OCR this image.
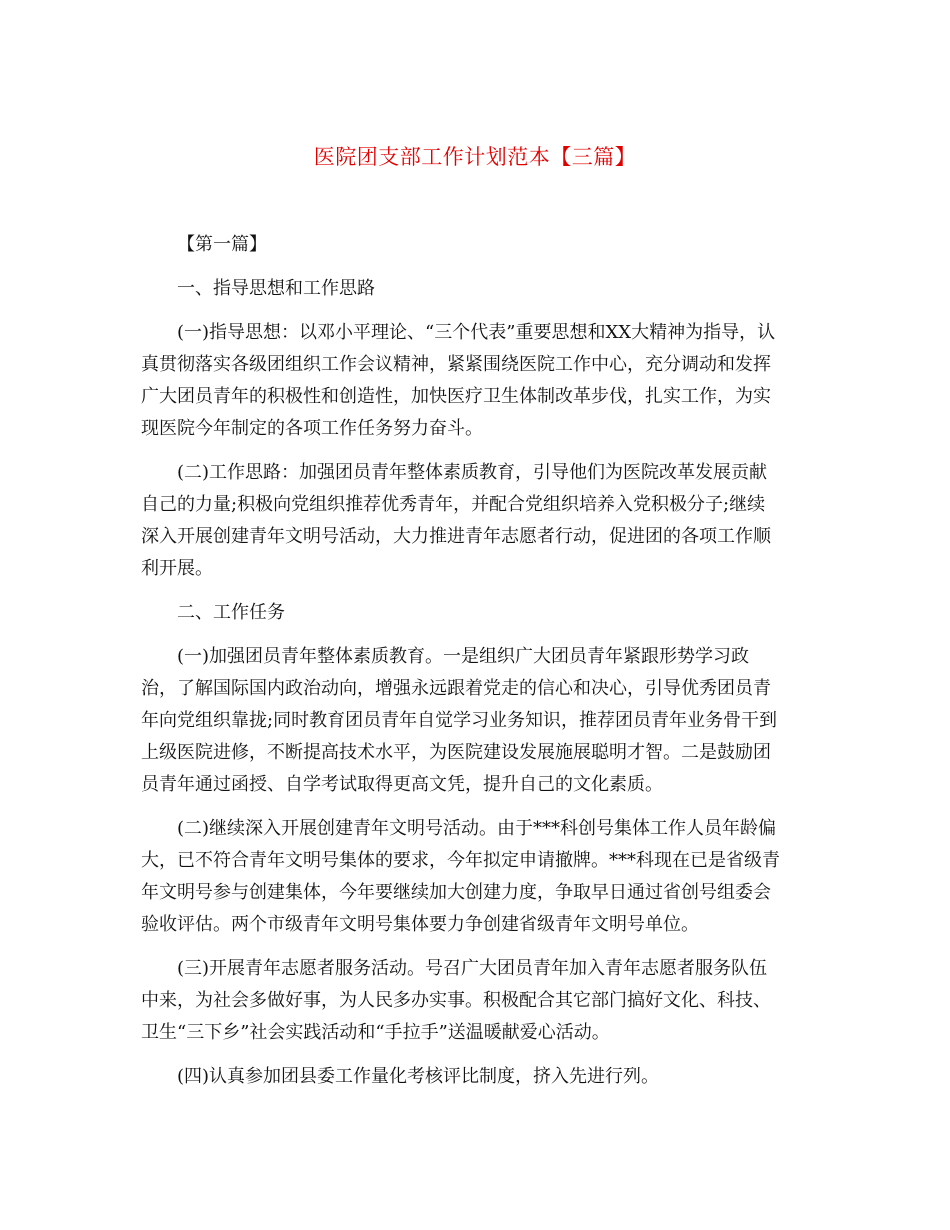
医院团支部工作计划范本【三篇】
【第一篇】
一、指导思想和工作思路
(一)指导思想：以邓小平理论、“三个代表”重要思想和XX大精神为指导，认
真贯彻落实各级团组织工作会议精神，紧紧围绕医院工作中心，充分调动和发挥
广大团员青年的积极性和创造性，加快医疗卫生体制改革步伐，扎实工作，为实
现医院今年制定的各项工作任务努力奋斗。
(二)工作思路：加强团员青年整体素质教育，引导他们为医院改革发展贡献
自己的力量;积极向党组织推荐优秀青年，并配合党组织培养入党积极分子;继续
深入开展创建青年文明号活动，大力推进青年志愿者行动，促进团的各项工作顺
利开展。
二、工作任务
(一)加强团员青年整体素质教育。一是组织广大团员青年紧跟形势学习政
治，了解国际国内政治动向，增强永远跟着党走的信心和决心，引导优秀团员青
年向党组织靠拢;同时教育团员青年自觉学习业务知识，推荐团员青年业务骨干到
上级医院进修，不断提高技术水平，为医院建设发展施展聪明才智。二是鼓励团
员青年通过函授、自学考试取得更高文凭，提升自己的文化素质。
(二)继续深入开展创建青年文明号活动。由于***科创号集体工作人员年龄偏
大，已不符合青年文明号集体的要求，今年拟定申请撤牌。***科现在已是省级青
年文明号参与创建集体，今年要继续加大创建力度，争取早日通过省创号组委会
验收评估。两个市级青年文明号集体要力争创建省级青年文明号单位。
(三)开展青年志愿者服务活动。号召广大团员青年加入青年志愿者服务队伍
中来，为社会多做好事，为人民多办实事。积极配合其它部门搞好文化、科技、
卫生“三下乡”社会实践活动和“手拉手”送温暖献爱心活动。
(四)认真参加团县委工作量化考核评比制度，挤入先进行列。
